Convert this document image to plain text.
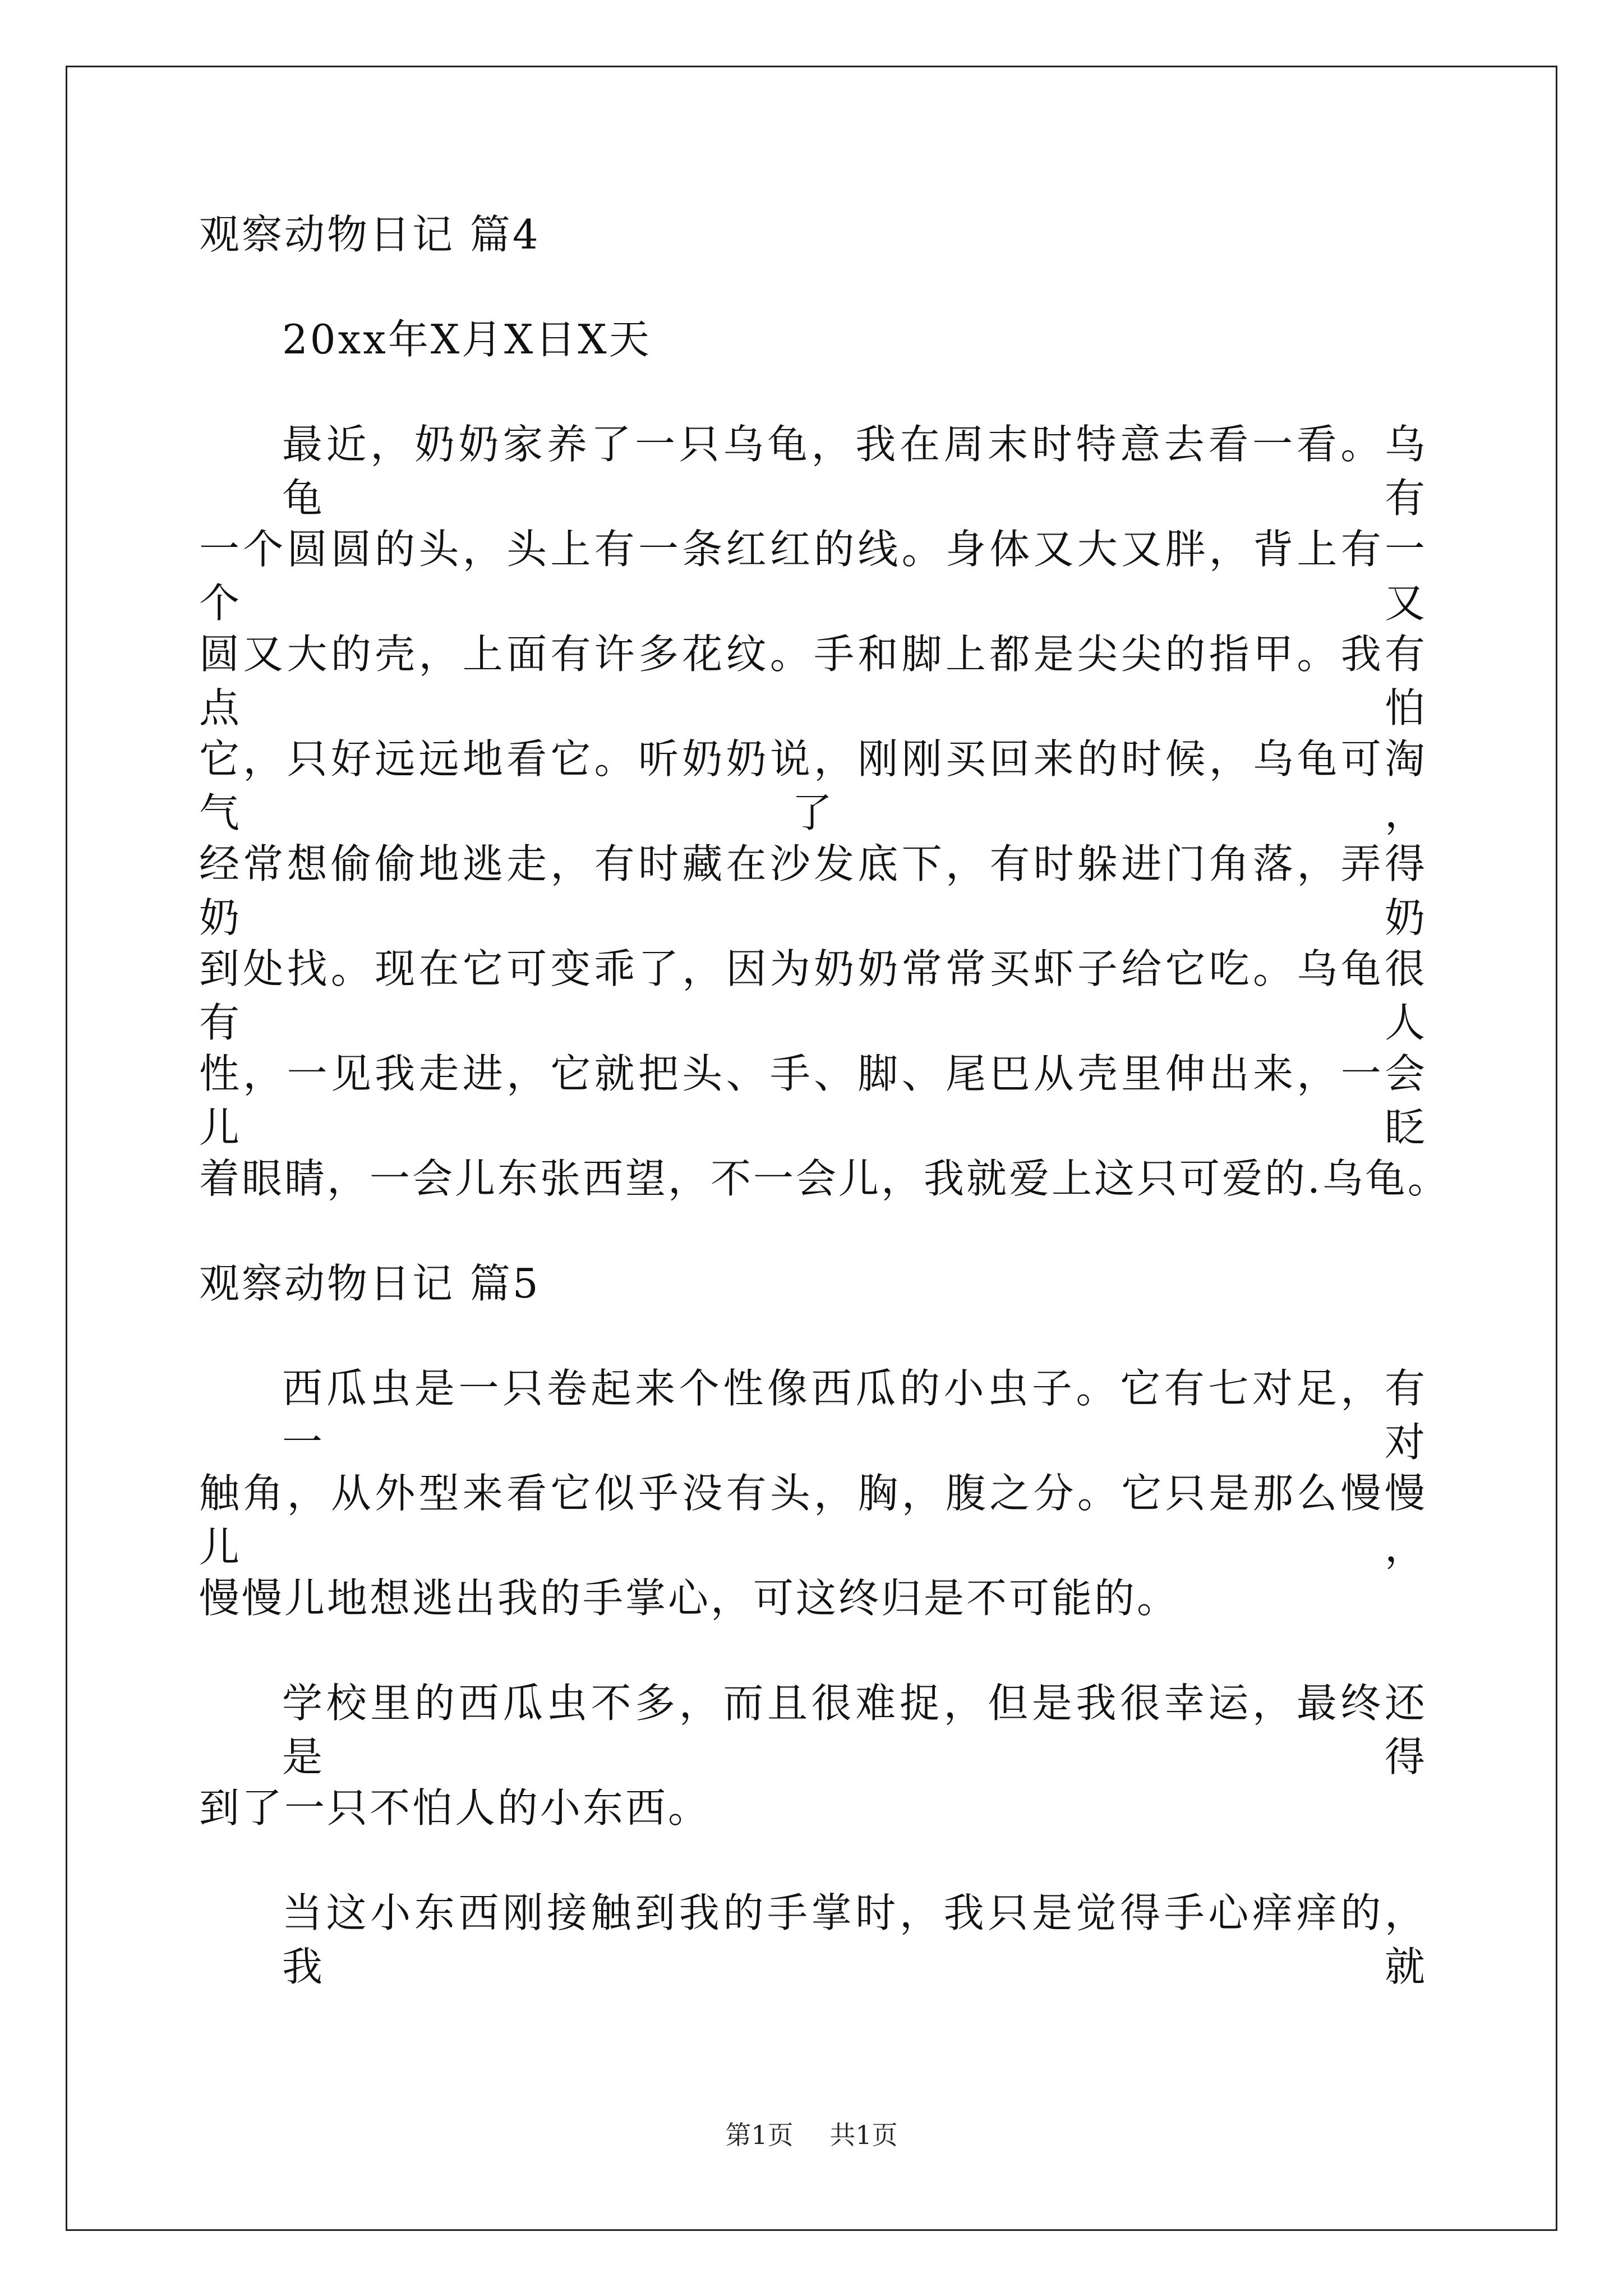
观察动物日记 篇4
20xx年X月X日X天
最近，奶奶家养了一只乌龟，我在周末时特意去看一看。乌龟有
一个圆圆的头，头上有一条红红的线。身体又大又胖，背上有一个又
圆又大的壳，上面有许多花纹。手和脚上都是尖尖的指甲。我有点怕
它，只好远远地看它。听奶奶说，刚刚买回来的时候，乌龟可淘气了，
经常想偷偷地逃走，有时藏在沙发底下，有时躲进门角落，弄得奶奶
到处找。现在它可变乖了，因为奶奶常常买虾子给它吃。乌龟很有人
性，一见我走进，它就把头、手、脚、尾巴从壳里伸出来，一会儿眨
着眼睛，一会儿东张西望，不一会儿，我就爱上这只可爱的.乌龟。
观察动物日记 篇5
西瓜虫是一只卷起来个性像西瓜的小虫子。它有七对足，有一对
触角，从外型来看它似乎没有头，胸，腹之分。它只是那么慢慢儿，
慢慢儿地想逃出我的手掌心，可这终归是不可能的。
学校里的西瓜虫不多，而且很难捉，但是我很幸运，最终还是得
到了一只不怕人的小东西。
当这小东西刚接触到我的手掌时，我只是觉得手心痒痒的，我就
第1页 共1页
